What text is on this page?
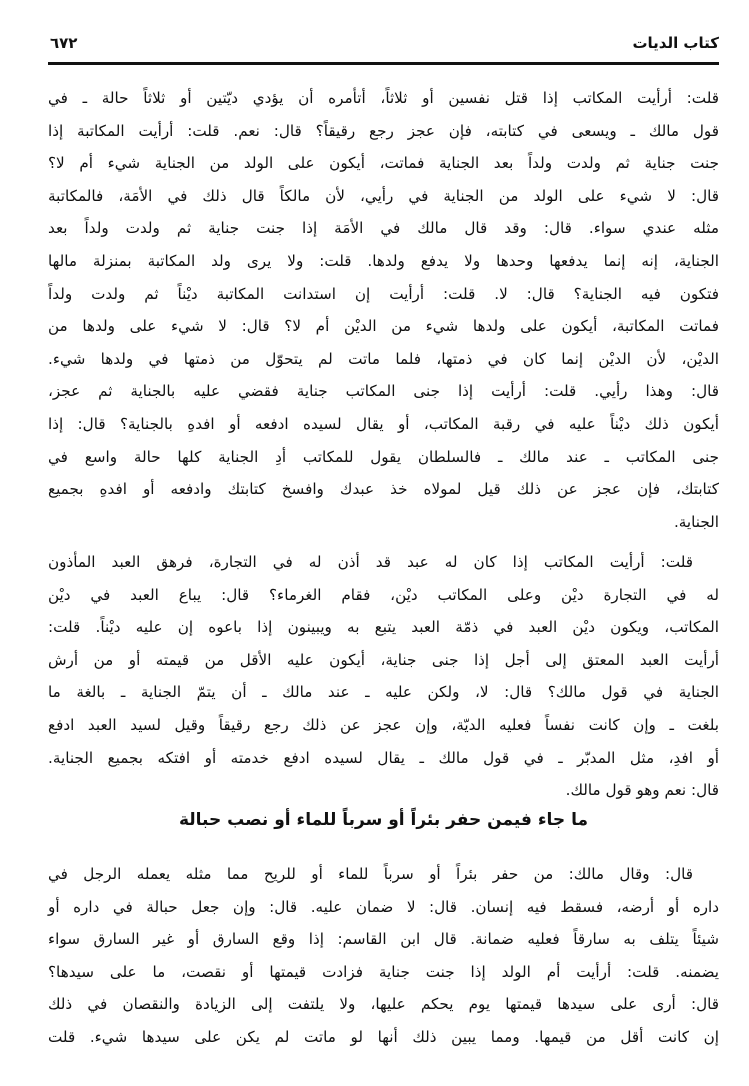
كتاب الديات
٦٧٢
قلت: أرأيت المكاتب إذا قتل نفسين أو ثلاثاً، أتأمره أن يؤدي ديّتين أو ثلاثاً حالة ـ في
قول مالك ـ ويسعى في كتابته، فإن عجز رجع رقيقاً؟ قال: نعم. قلت: أرأيت المكاتبة إذا
جنت جناية ثم ولدت ولداً بعد الجناية فماتت، أيكون على الولد من الجناية شيء أم لا؟
قال: لا شيء على الولد من الجناية في رأيي، لأن مالكاً قال ذلك في الأمَة، فالمكاتبة
مثله عندي سواء. قال: وقد قال مالك في الأمَة إذا جنت جناية ثم ولدت ولداً بعد
الجناية، إنه إنما يدفعها وحدها ولا يدفع ولدها. قلت: ولا يرى ولد المكاتبة بمنزلة مالها
فتكون فيه الجناية؟ قال: لا. قلت: أرأيت إن استدانت المكاتبة ديْناً ثم ولدت ولداً
فماتت المكاتبة، أيكون على ولدها شيء من الديْن أم لا؟ قال: لا شيء على ولدها من
الديْن، لأن الديْن إنما كان في ذمتها، فلما ماتت لم يتحوّل من ذمتها في ولدها شيء.
قال: وهذا رأيي. قلت: أرأيت إذا جنى المكاتب جناية فقضي عليه بالجناية ثم عجز،
أيكون ذلك ديْناً عليه في رقبة المكاتب، أو يقال لسيده ادفعه أو افدهِ بالجناية؟ قال: إذا
جنى المكاتب ـ عند مالك ـ فالسلطان يقول للمكاتب أدِ الجناية كلها حالة واسع في
كتابتك، فإن عجز عن ذلك قيل لمولاه خذ عبدك وافسخ كتابتك وادفعه أو افدهِ بجميع
الجناية.
قلت: أرأيت المكاتب إذا كان له عبد قد أذن له في التجارة، فرهق العبد المأذون
له في التجارة ديْن وعلى المكاتب ديْن، فقام الغرماء؟ قال: يباع العبد في ديْن
المكاتب، ويكون ديْن العبد في ذمّة العبد يتبع به ويبينون إذا باعوه إن عليه ديْناً. قلت:
أرأيت العبد المعتق إلى أجل إذا جنى جناية، أيكون عليه الأقل من قيمته أو من أرش
الجناية في قول مالك؟ قال: لا، ولكن عليه ـ عند مالك ـ أن يتمّ الجناية ـ بالغة ما
بلغت ـ وإن كانت نفساً فعليه الديّة، وإن عجز عن ذلك رجع رقيقاً وقيل لسيد العبد ادفع
أو افدِ، مثل المدبّر ـ في قول مالك ـ يقال لسيده ادفع خدمته أو افتكه بجميع الجناية.
قال: نعم وهو قول مالك.
ما جاء فيمن حفر بئراً أو سرباً للماء أو نصب حبالة
قال: وقال مالك: من حفر بئراً أو سرباً للماء أو للريح مما مثله يعمله الرجل في
داره أو أرضه، فسقط فيه إنسان. قال: لا ضمان عليه. قال: وإن جعل حبالة في داره أو
شيئاً يتلف به سارقاً فعليه ضمانة. قال ابن القاسم: إذا وقع السارق أو غير السارق سواء
يضمنه. قلت: أرأيت أم الولد إذا جنت جناية فزادت قيمتها أو نقصت، ما على سيدها؟
قال: أرى على سيدها قيمتها يوم يحكم عليها، ولا يلتفت إلى الزيادة والنقصان في ذلك
إن كانت أقل من قيمها. ومما يبين ذلك أنها لو ماتت لم يكن على سيدها شيء. قلت
